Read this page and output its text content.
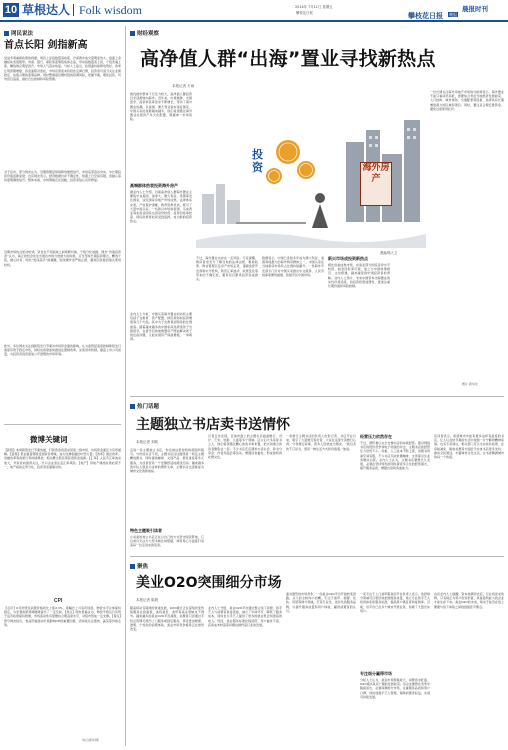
10 草根达人 Folk wisdom	2014年 7月11日 星期五
攀枝花日报	攀枝花日报 晚报
晨报时刊
网民说法
首点长阳 剑指新高
受益多项重磅政策的刺激，周四上证指数震荡收涨，沪深两市成交量明显放大，盘面上金融板块表现强势，券商、银行、保险等蓝筹股集体走高，带动指数震荡上扬，个股普遍上涨，赚钱效应明显回升，市场人气逐步恢复。分析人士指出，政策面持续释放利好，改革红利预期增强，资金面相对宽松，市场有望迎来阶段性反弹行情，投资者可适当关注业绩稳定、估值合理的蓝筹品种，同时警惕高位题材股的回调风险，把握节奏，理性投资，切勿盲目追高，做好仓位控制和风险管理。
对于后市，部分网友认为，近期管理层频频释放维稳信号，市场底部逐步夯实，中长期投资价值逐渐显现；也有网友表示，经济数据仍存不确定性，短期上行空间有限，需耐心等待更明确的信号。整体来看，市场情绪正在回暖，投资者信心有所修复。
近期市场热点轮动较快，资金在不同板块之间频繁切换，个股分化加剧。网友“价值投资者”认为，真正的机会往往出现在市场分歧最大的时候，应当坚持长期投资理念，精选个股，耐心持有；网友“短线高手”则提醒，短线操作需严格止损，避免因贪婪而错失离场时机。
此外，多位网友关注到新股发行节奏对市场资金面的影响，认为监管层适度控制新股发行速度有利于稳定市场，同时也希望加快推进注册制改革，完善退市机制，提高上市公司质量，为投资者创造更加公平透明的市场环境。
微博关键词
【新股】本周新股发行节奏放缓，打新资金将逐步回流二级市场，市场资金面压力有所缓解。【蓝筹】低估值蓝筹股受到资金青睐，成为支撑指数的中坚力量。【改革】国企改革、金融改革等政策红利持续释放，相关概念股有望获得资金追捧。【汇率】人民币汇率波动加大，外资流向值得关注，出口企业需注意汇率风险。【地产】房地产调控政策松紧不一，地产板块走势分化，投资者需谨慎对待。
CPI
【点评】6月份居民消费价格同比上涨2.3%，涨幅比上月有所回落，物价水平总体保持稳定，为宏观政策预调微调留出了一定空间。【热议】网友普遍认为，物价平稳运行有利于货币政策保持稳健，市场流动性有望维持合理适度水平，对股市形成一定支撑。【观点】部分网友指出，食品价格波动仍是影响CPI的重要因素，需持续关注猪肉、蔬菜等价格走势。
（综合新华网）
财经观察
高净值人群“出海”置业寻找新热点
本报记者 方雨
国内楼市整体下行压力较大，高净值人群投资目光逐渐转向海外。近年来，出境旅游、出国留学、投资移民等需求不断增长，带动了海外置业热潮，从美国、澳大利亚到东南亚国家，中国买家的身影越来越多，他们希望通过海外置业实现资产多元化配置，规避单一市场风险。
高端群体热衷投资海外房产
据业内人士介绍，目前高净值人群海外置业主要集中在美国、加拿大、澳大利亚、英国等发达国家，这些国家房地产市场成熟，法律体系完善，产权保护清晰，教育资源优质，吸引了大量中国买家。一些新兴市场如泰国、马来西亚等东南亚国家也因房价较低、投资回报率较高、移民政策宽松而受到追捧，成为新的投资热点。
业内人士分析，中国买家海外置业的动机主要包括子女教育、资产配置、移民规划和投资增值等几个方面，其中为子女教育而购房的比例最高。随着越来越多的中国家庭选择送孩子出国留学，在留学目的地购置房产既能解决孩子的住宿问题，又能实现资产保值增值，一举两得。
海外房产
投资
漫画/陈大卫
不过，海外置业也存在一定风险。专家提醒，购房者需充分了解当地的法律法规、税收政策、物业管理以及房产市场走势，谨慎选择开发商和中介机构，防范汇率波动、政策变化等带来的不确定性，避免盲目跟风投资造成损失。
数据显示，中国已连续多年成为澳大利亚、美国等地最大的海外购房群体之一，中国买家在当地新房市场所占比例持续攀升。一些海外开发商专门针对中国买家推出中文服务、人民币结算等便利措施，积极开拓中国市场。
新兴市场成投资新热点
相比欧美成熟市场，东南亚部分国家房价水平较低、租金回报率可观，加之与中国地缘相近、文化相通，越来越受到中国投资者的青睐。业内人士预计，未来中国资本出海置业的步伐仍将延续，但投资将更加理性，更加注重长期价值和风险控制。
一位长期关注海外房地产市场的分析师表示，海外置业不能只看房价高低，更要综合考虑当地经济发展前景、人口结构、城市规划、交通配套等因素，选择具有长期增值潜力的区域和项目。同时，要注意合理安排资金，避免过度使用杠杆。
图片 新华社
热门话题
主题独立书店卖书送情怀
本报记者 刘莉
走进一家主题独立书店，你会被这里独特的氛围所吸引。与传统书店不同，主题书店往往围绕某一特定主题精选图书，同时提供咖啡、文创产品、展览讲座等多元服务，为读者营造一个安静舒适的阅读空间。越来越多的年轻人愿意为这样的情怀买单，主题书店也逐渐成为城市文化的新地标。
特色主题吸引读者
小而美的独立书店正在以自己的方式坚守阅读阵地，它们或许无法与大型书城比拼规模，却用用心与温度打动着每一位走进来的读者。
记者走访发现，目前市面上的主题书店涵盖旅行、设计、艺术、电影、儿童等多个领域。店主们大多是爱书之人，他们希望通过精心的选书和布置，把志同道合的读者聚集在一起。不少书店还定期举办读书会、新书分享会、作者见面会等活动，增强读者黏性，形成独特的社群文化。
一家旅行主题书店的负责人告诉记者，书店开业以来，吸引了大量旅行爱好者，大家在这里交流旅行心得、分享旅行故事，很多人因此成为朋友。“我们卖的不只是书，更是一种生活方式和价值观。”他说。
经营压力依然存在
不过，情怀难以完全支撑书店的持续经营。面对网络书店的低价竞争和电子阅读的冲击，主题书店的经营压力依然不小。房租、人工成本不断上涨，而图书利润空间有限，不少书店只能依靠咖啡、文创等衍生业务维持运营。业内人士认为，主题书店要想长久发展，必须在坚持特色的同时探索多元化的经营模式，提升服务品质，增强自身的造血能力。
有读者表示，希望城市中能有更多这样有温度的书店，让人们在快节奏的生活中找到一片宁静的精神家园。也有专家建议，相关部门可以出台扶持政策，在房租减免、税收优惠等方面给予实体书店更多支持，推动全民阅读，丰富城市文化生活，让书香飘满城市的每一个角落。
聚焦
美业O2O突围细分市场
本报记者 陈晨
随着移动互联网的快速发展，O2O模式正在深刻改变传统服务业的面貌，美容美发、美甲等美业领域也不例外。越来越多的美业O2O平台涌现，消费者只需通过手机应用即可预约上门服务或到店服务，享受更加便捷、透明、个性化的消费体验，美业市场竞争格局正在悄然改变。
业内人士介绍，美业O2O平台通过整合线下资源，将手艺人与消费者直接连接，减少了中间环节，降低了服务成本，同时也为手艺人提供了更多的就业机会和更高的收入。然而，美业服务标准化程度低、用户黏性不高、获客成本较高等问题也制约着行业的发展。
面对激烈的市场竞争，一些美业O2O平台开始转变思路，从大而全转向小而精，专注于美甲、美睫、化妆、造型等细分领域，打造专业化、差异化的服务品牌，以提升服务质量和用户体验，赢得消费者的认可。
一家专注于上门美甲服务的平台负责人表示，选择细分领域可以更好地把控服务质量，建立专业的手艺人培训体系和服务标准，提高用户满意度和复购率。目前，该平台已在多个城市开展业务，积累了大量忠实用户。
专注细分赢得市场
分析人士认为，美业市场规模庞大，消费需求旺盛，O2O模式具有广阔的发展前景。但企业要想在竞争中脱颖而出，必须深耕细分市场，注重服务品质和用户口碑，同时加强手艺人管理，保障消费者权益，实现可持续发展。
也有业内人士提醒，资本热潮退去后，行业将迎来洗牌，只有真正为用户创造价值、具备盈利能力的企业才能生存下来。美业O2O的未来，取决于能否在线上便捷与线下体验之间找到最佳平衡点。
